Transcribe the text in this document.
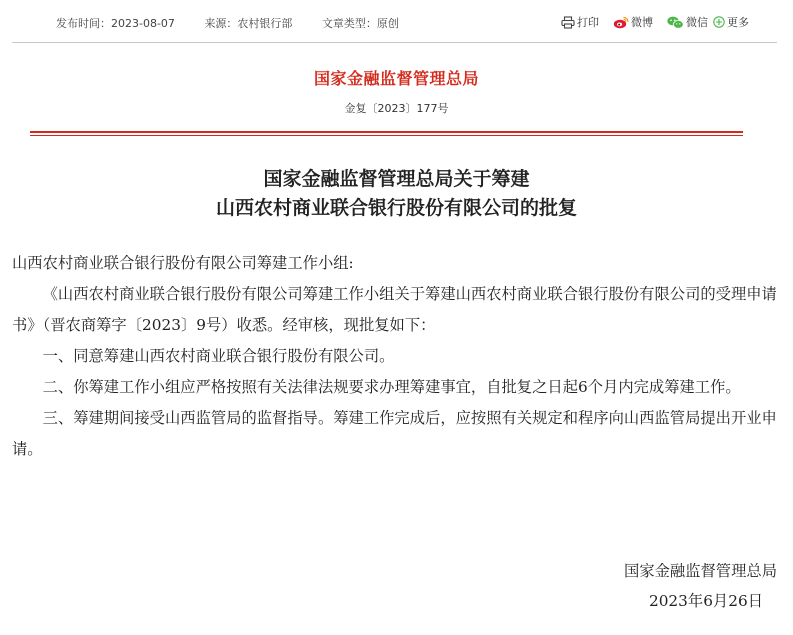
发布时间：2023-08-07	来源：农村银行部	文章类型：原创	打印	微博	微信 更多
国家金融监督管理总局
金复〔2023〕177号
国家金融监督管理总局关于筹建
山西农村商业联合银行股份有限公司的批复

山西农村商业联合银行股份有限公司筹建工作小组:

《山西农村商业联合银行股份有限公司筹建工作小组关于筹建山西农村商业联合银行股份有限公司的受理申请书》（晋农商筹字〔2023〕9号）收悉。经审核，现批复如下：

一、同意筹建山西农村商业联合银行股份有限公司。

二、你筹建工作小组应严格按照有关法律法规要求办理筹建事宜，自批复之日起6个月内完成筹建工作。

三、筹建期间接受山西监管局的监督指导。筹建工作完成后，应按照有关规定和程序向山西监管局提出开业申请。

国家金融监督管理总局
2023年6月26日
